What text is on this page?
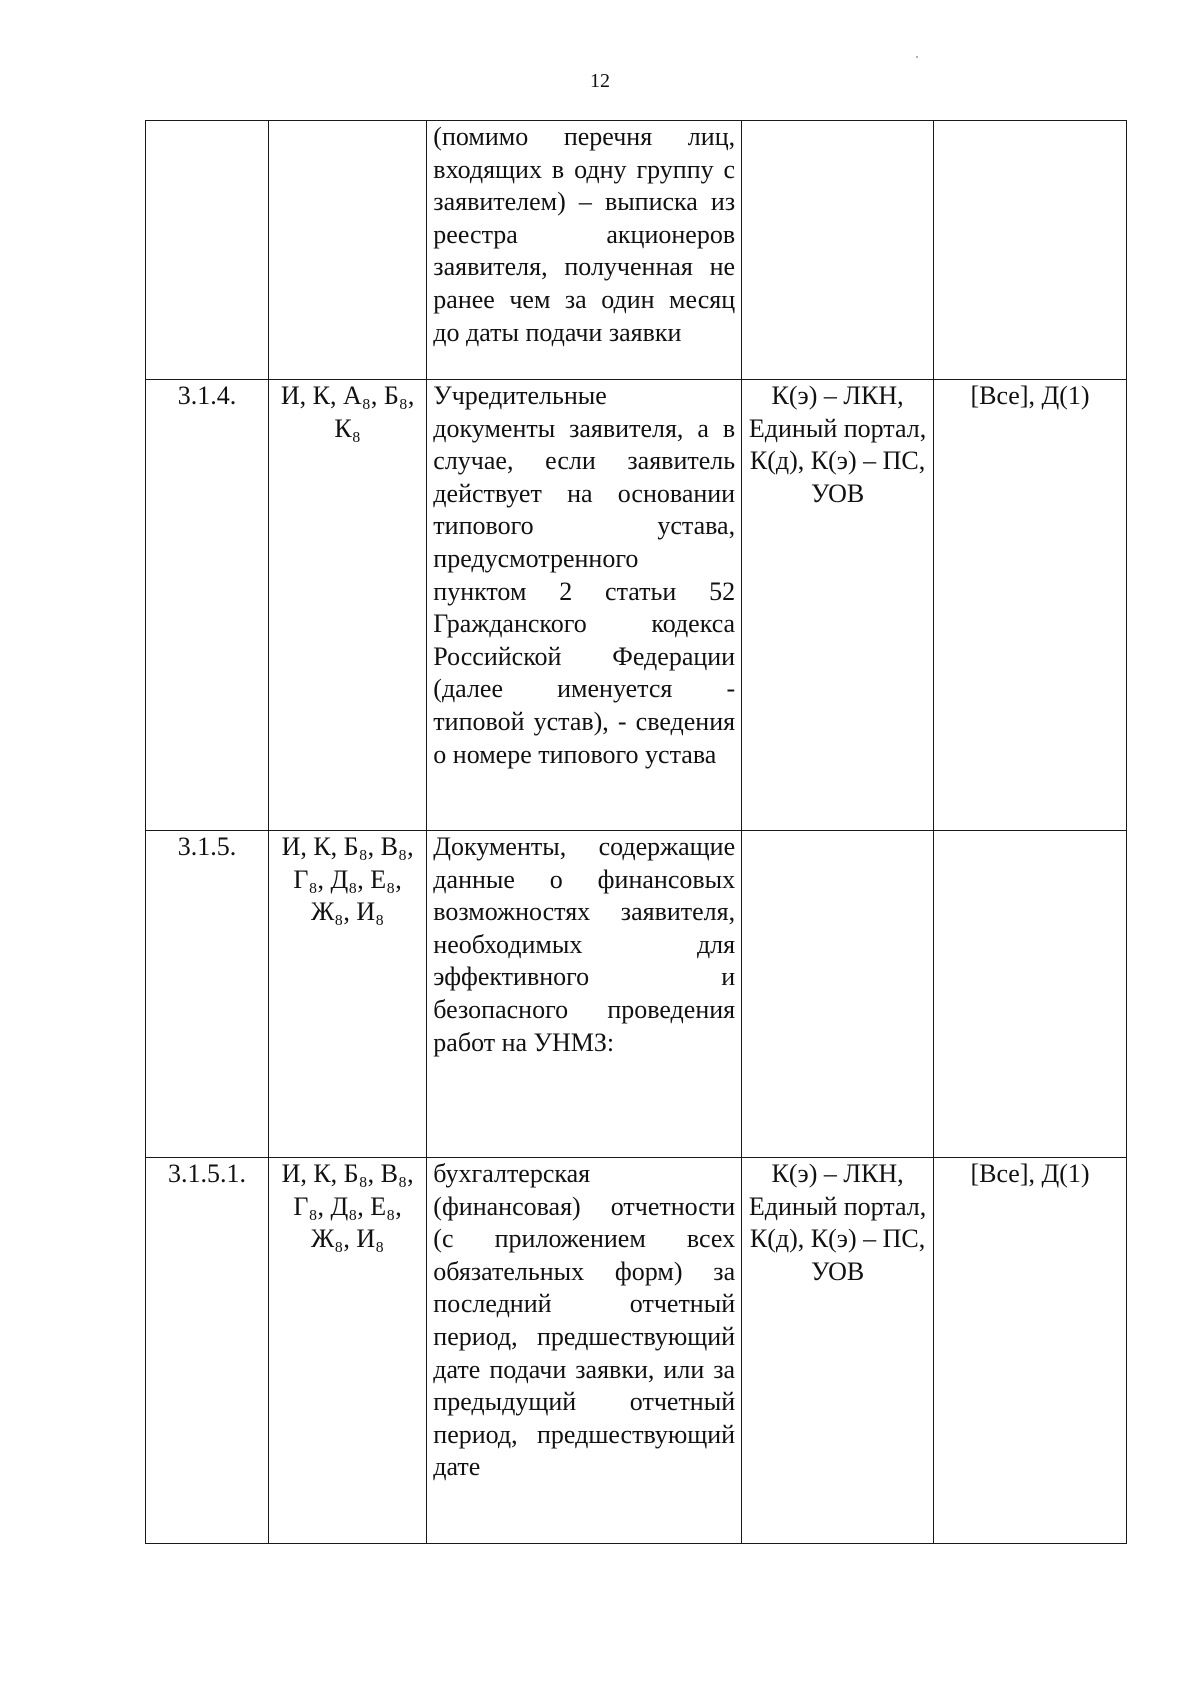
12
		(помимо перечня лиц, входящих в одну группу с заявителем) – выписка из реестра акционеров заявителя, полученная не ранее чем за один месяц до даты подачи заявки		
3.1.4.	И, К, А₈, Б₈, К₈	Учредительные документы заявителя, а в случае, если заявитель действует на основании типового устава, предусмотренного пунктом 2 статьи 52 Гражданского кодекса Российской Федерации (далее именуется - типовой устав), - сведения о номере типового устава	К(э) – ЛКН, Единый портал, К(д), К(э) – ПС, УОВ	[Все], Д(1)
3.1.5.	И, К, Б₈, В₈, Г₈, Д₈, Е₈, Ж₈, И₈	Документы, содержащие данные о финансовых возможностях заявителя, необходимых для эффективного и безопасного проведения работ на УНМЗ:		
3.1.5.1.	И, К, Б₈, В₈, Г₈, Д₈, Е₈, Ж₈, И₈	бухгалтерская (финансовая) отчетности (с приложением всех обязательных форм) за последний отчетный период, предшествующий дате подачи заявки, или за предыдущий отчетный период, предшествующий дате	К(э) – ЛКН, Единый портал, К(д), К(э) – ПС, УОВ	[Все], Д(1)
